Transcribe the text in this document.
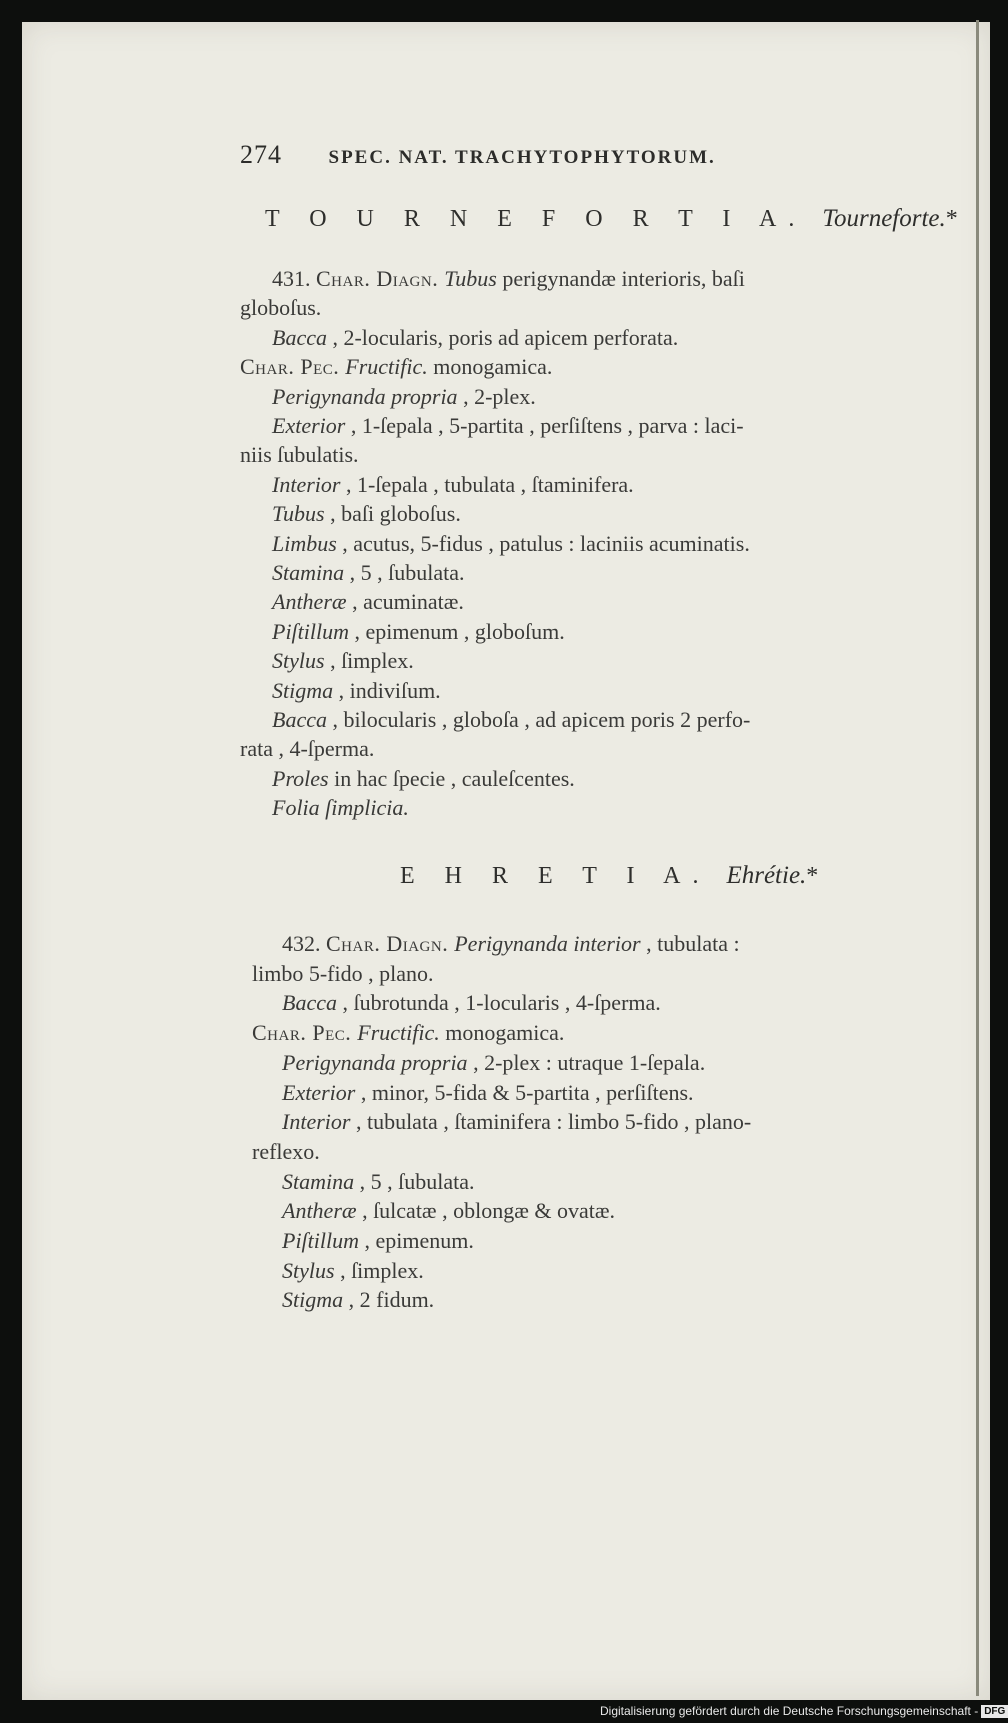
274 SPEC. NAT. TRACHYTOPHYTORUM.
T O U R N E F O R T I A. Tourneforte.*
431. Char. Diagn. Tubus perigynandæ interioris, baſi
globoſus.
Bacca , 2-locularis, poris ad apicem perforata.
Char. Pec. Fructific. monogamica.
Perigynanda propria , 2-plex.
Exterior , 1-ſepala , 5-partita , perſiſtens , parva : laci-
niis ſubulatis.
Interior , 1-ſepala , tubulata , ſtaminifera.
Tubus , baſi globoſus.
Limbus , acutus, 5-fidus , patulus : laciniis acuminatis.
Stamina , 5 , ſubulata.
Antheræ , acuminatæ.
Piſtillum , epimenum , globoſum.
Stylus , ſimplex.
Stigma , indiviſum.
Bacca , bilocularis , globoſa , ad apicem poris 2 perfo-
rata , 4-ſperma.
Proles in hac ſpecie , cauleſcentes.
Folia ſimplicia.
E H R E T I A. Ehrétie.*
432. Char. Diagn. Perigynanda interior , tubulata :
limbo 5-fido , plano.
Bacca , ſubrotunda , 1-locularis , 4-ſperma.
Char. Pec. Fructific. monogamica.
Perigynanda propria , 2-plex : utraque 1-ſepala.
Exterior , minor, 5-fida & 5-partita , perſiſtens.
Interior , tubulata , ſtaminifera : limbo 5-fido , plano-
reflexo.
Stamina , 5 , ſubulata.
Antheræ , ſulcatæ , oblongæ & ovatæ.
Piſtillum , epimenum.
Stylus , ſimplex.
Stigma , 2 fidum.
Digitalisierung gefördert durch die Deutsche Forschungsgemeinschaft - DFG
